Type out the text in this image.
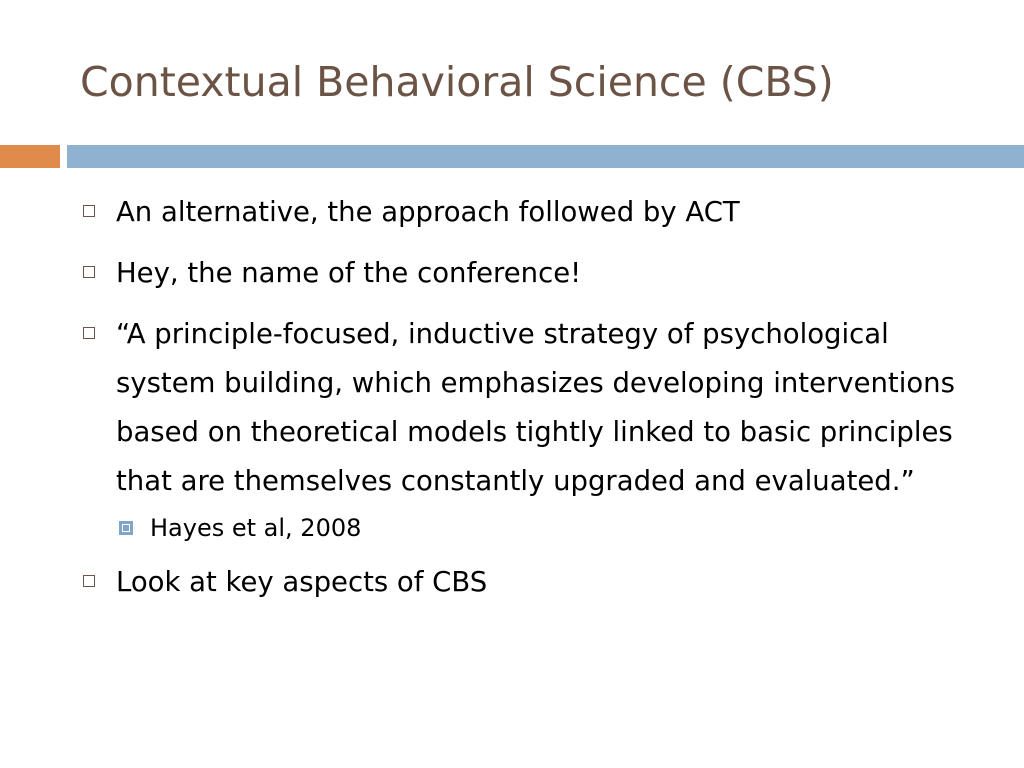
Contextual Behavioral Science (CBS)
An alternative, the approach followed by ACT
Hey, the name of the conference!
“A principle-focused, inductive strategy of psychological system building, which emphasizes developing interventions based on theoretical models tightly linked to basic principles that are themselves constantly upgraded and evaluated.”
Hayes et al, 2008
Look at key aspects of CBS
